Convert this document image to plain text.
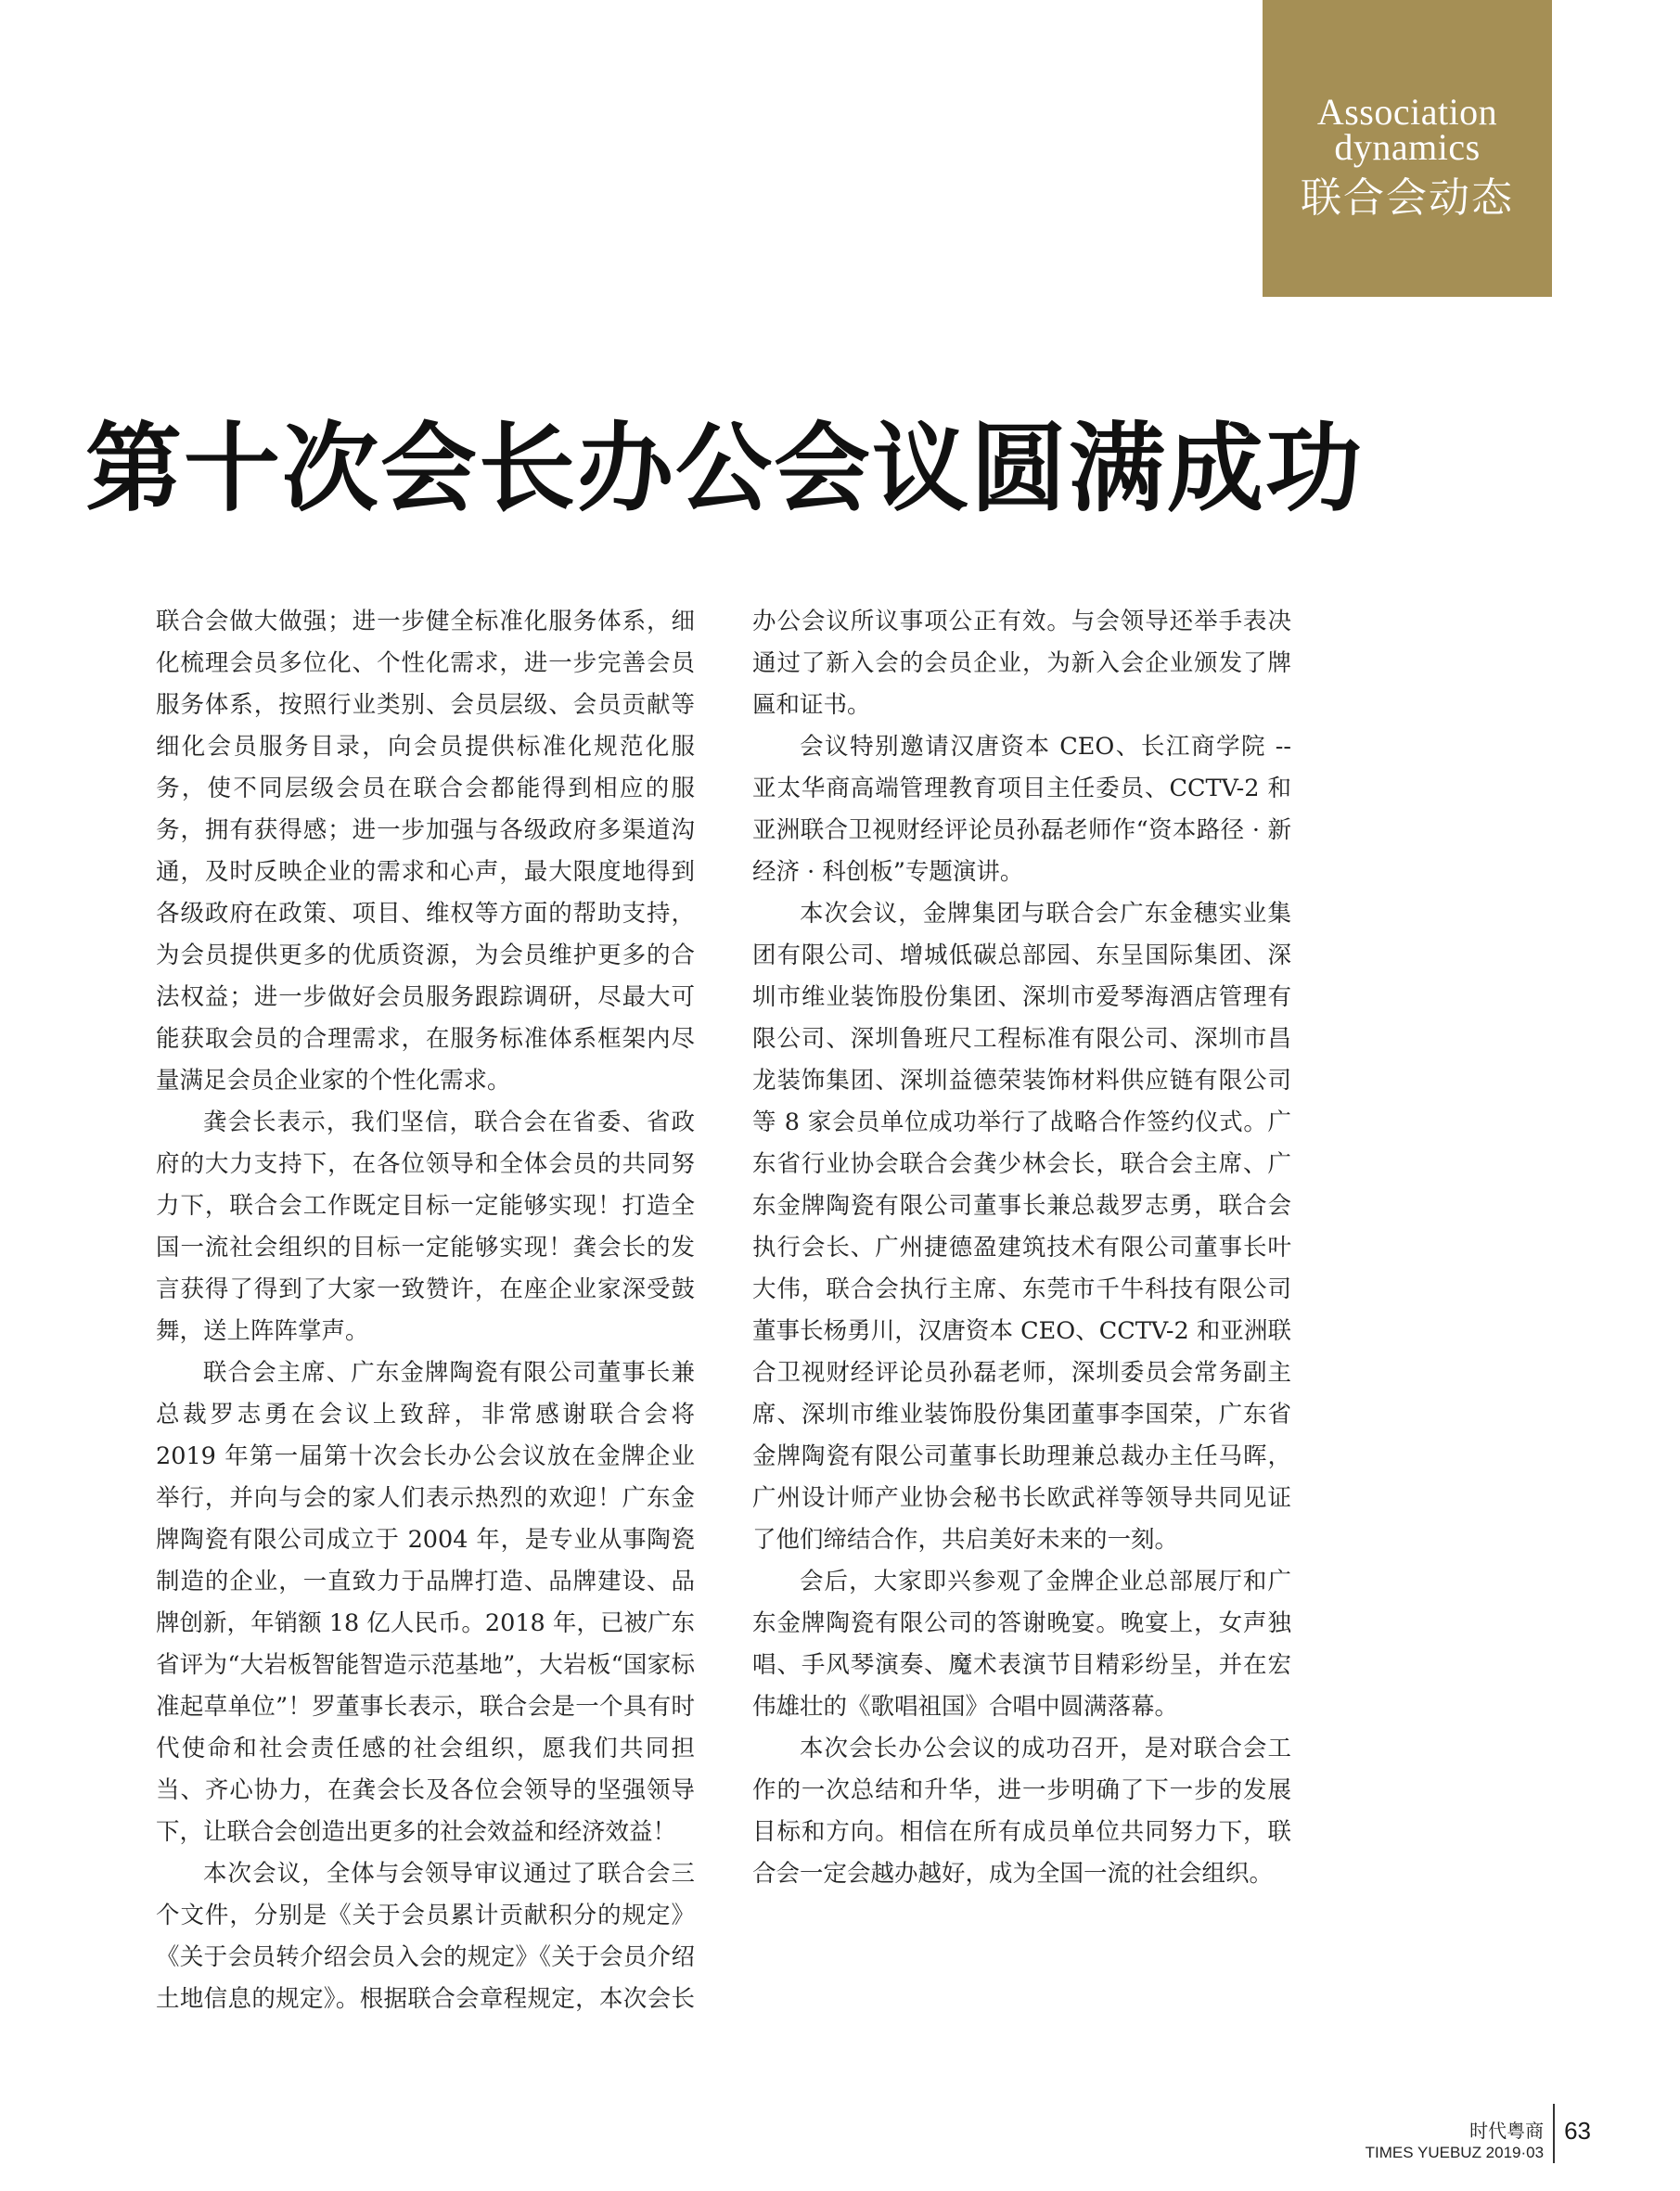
Association
dynamics
联合会动态
第十次会长办公会议圆满成功

联合会做大做强；进一步健全标准化服务体系，细化梳理会员多位化、个性化需求，进一步完善会员服务体系，按照行业类别、会员层级、会员贡献等细化会员服务目录，向会员提供标准化规范化服务，使不同层级会员在联合会都能得到相应的服务，拥有获得感；进一步加强与各级政府多渠道沟通，及时反映企业的需求和心声，最大限度地得到各级政府在政策、项目、维权等方面的帮助支持，为会员提供更多的优质资源，为会员维护更多的合法权益；进一步做好会员服务跟踪调研，尽最大可能获取会员的合理需求，在服务标准体系框架内尽量满足会员企业家的个性化需求。

龚会长表示，我们坚信，联合会在省委、省政府的大力支持下，在各位领导和全体会员的共同努力下，联合会工作既定目标一定能够实现！打造全国一流社会组织的目标一定能够实现！龚会长的发言获得了得到了大家一致赞许，在座企业家深受鼓舞，送上阵阵掌声。

联合会主席、广东金牌陶瓷有限公司董事长兼总裁罗志勇在会议上致辞，非常感谢联合会将 2019 年第一届第十次会长办公会议放在金牌企业举行，并向与会的家人们表示热烈的欢迎！广东金牌陶瓷有限公司成立于 2004 年，是专业从事陶瓷制造的企业，一直致力于品牌打造、品牌建设、品牌创新，年销额 18 亿人民币。2018 年，已被广东省评为“大岩板智能智造示范基地”，大岩板“国家标准起草单位”！罗董事长表示，联合会是一个具有时代使命和社会责任感的社会组织，愿我们共同担当、齐心协力，在龚会长及各位会领导的坚强领导下，让联合会创造出更多的社会效益和经济效益！

本次会议，全体与会领导审议通过了联合会三个文件，分别是《关于会员累计贡献积分的规定》《关于会员转介绍会员入会的规定》《关于会员介绍土地信息的规定》。根据联合会章程规定，本次会长办公会议所议事项公正有效。与会领导还举手表决通过了新入会的会员企业，为新入会企业颁发了牌匾和证书。

会议特别邀请汉唐资本 CEO、长江商学院 -- 亚太华商高端管理教育项目主任委员、CCTV-2 和亚洲联合卫视财经评论员孙磊老师作“资本路径 · 新经济 · 科创板”专题演讲。

本次会议，金牌集团与联合会广东金穗实业集团有限公司、增城低碳总部园、东呈国际集团、深圳市维业装饰股份集团、深圳市爱琴海酒店管理有限公司、深圳鲁班尺工程标准有限公司、深圳市昌龙装饰集团、深圳益德荣装饰材料供应链有限公司等 8 家会员单位成功举行了战略合作签约仪式。广东省行业协会联合会龚少林会长，联合会主席、广东金牌陶瓷有限公司董事长兼总裁罗志勇，联合会执行会长、广州捷德盈建筑技术有限公司董事长叶大伟，联合会执行主席、东莞市千牛科技有限公司董事长杨勇川，汉唐资本 CEO、CCTV-2 和亚洲联合卫视财经评论员孙磊老师，深圳委员会常务副主席、深圳市维业装饰股份集团董事李国荣，广东省金牌陶瓷有限公司董事长助理兼总裁办主任马晖，广州设计师产业协会秘书长欧武祥等领导共同见证了他们缔结合作，共启美好未来的一刻。

会后，大家即兴参观了金牌企业总部展厅和广东金牌陶瓷有限公司的答谢晚宴。晚宴上，女声独唱、手风琴演奏、魔术表演节目精彩纷呈，并在宏伟雄壮的《歌唱祖国》合唱中圆满落幕。

本次会长办公会议的成功召开，是对联合会工作的一次总结和升华，进一步明确了下一步的发展目标和方向。相信在所有成员单位共同努力下，联合会一定会越办越好，成为全国一流的社会组织。

时代粤商
TIMES YUEBUZ 2019·03
63
